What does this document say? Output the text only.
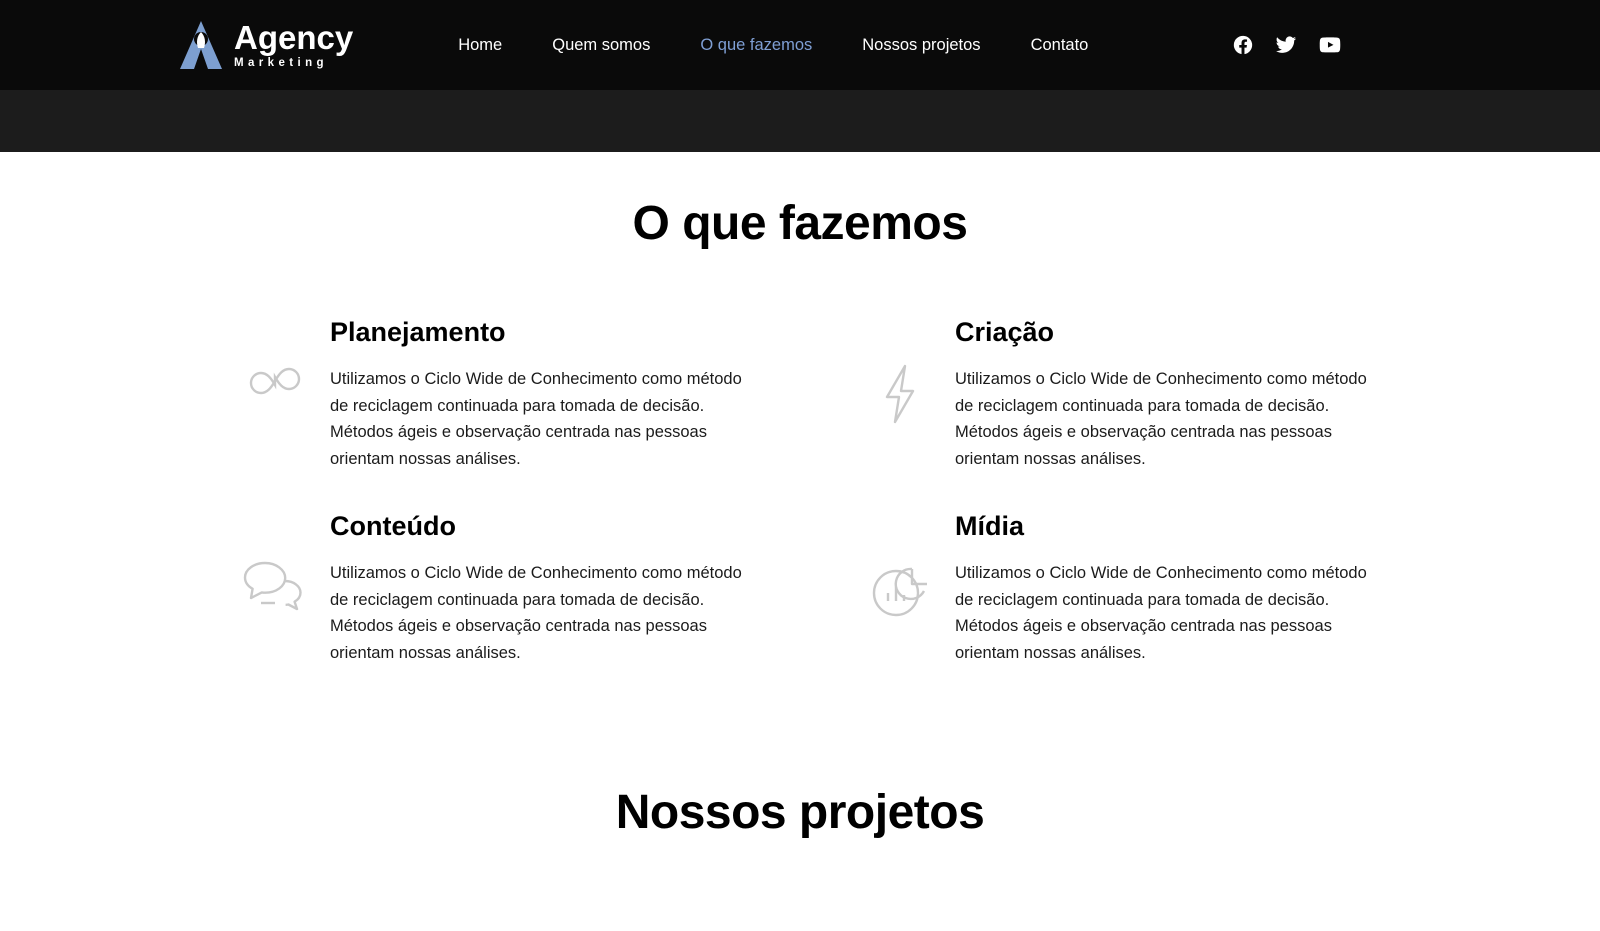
Agency
Marketing
Home	Quem somos	O que fazemos	Nossos projetos	Contato
O que fazemos
Planejamento

Utilizamos o Ciclo Wide de Conhecimento como método de reciclagem continuada para tomada de decisão. Métodos ágeis e observação centrada nas pessoas orientam nossas análises.

Criação

Utilizamos o Ciclo Wide de Conhecimento como método de reciclagem continuada para tomada de decisão. Métodos ágeis e observação centrada nas pessoas orientam nossas análises.

Conteúdo

Utilizamos o Ciclo Wide de Conhecimento como método de reciclagem continuada para tomada de decisão. Métodos ágeis e observação centrada nas pessoas orientam nossas análises.

Mídia

Utilizamos o Ciclo Wide de Conhecimento como método de reciclagem continuada para tomada de decisão. Métodos ágeis e observação centrada nas pessoas orientam nossas análises.

Nossos projetos
